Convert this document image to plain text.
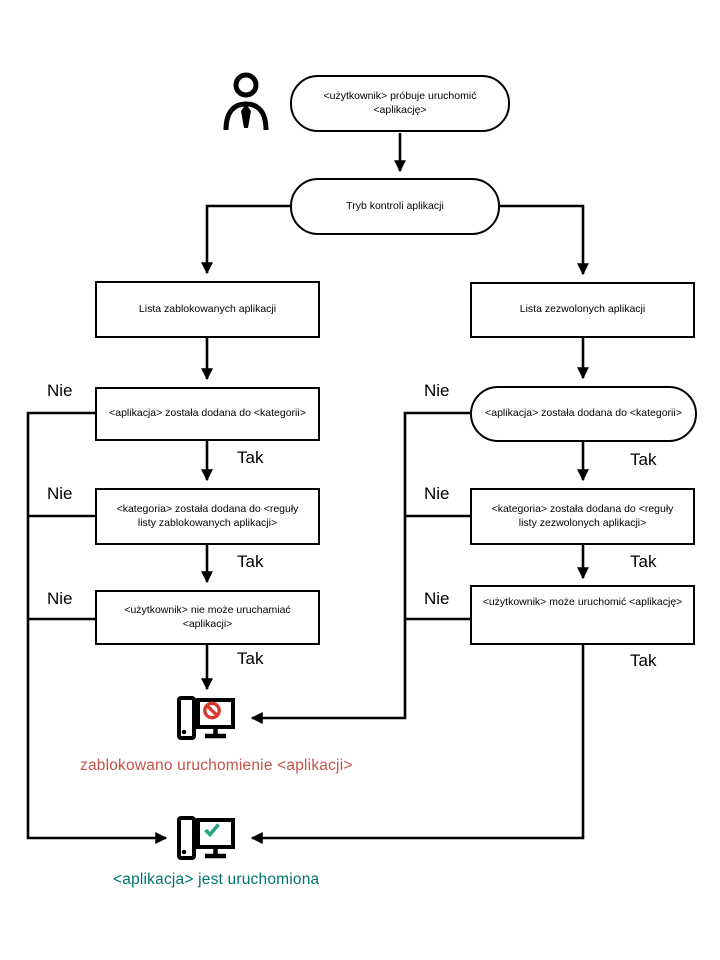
<użytkownik> próbuje uruchomić
<aplikację>
Tryb kontroli aplikacji
Lista zablokowanych aplikacji
<aplikacja> została dodana do <kategorii>
<kategoria> została dodana do <reguły
listy zablokowanych aplikacji>
<użytkownik> nie może uruchamiać
<aplikacji>
Lista zezwolonych aplikacji
<aplikacja> została dodana do <kategorii>
<kategoria> została dodana do <reguły
listy zezwolonych aplikacji>
<użytkownik> może uruchomić <aplikację>
Nie
Nie
Nie
Tak
Tak
Tak
Nie
Nie
Nie
Tak
Tak
Tak
zablokowano uruchomienie <aplikacji>
<aplikacja> jest uruchomiona
